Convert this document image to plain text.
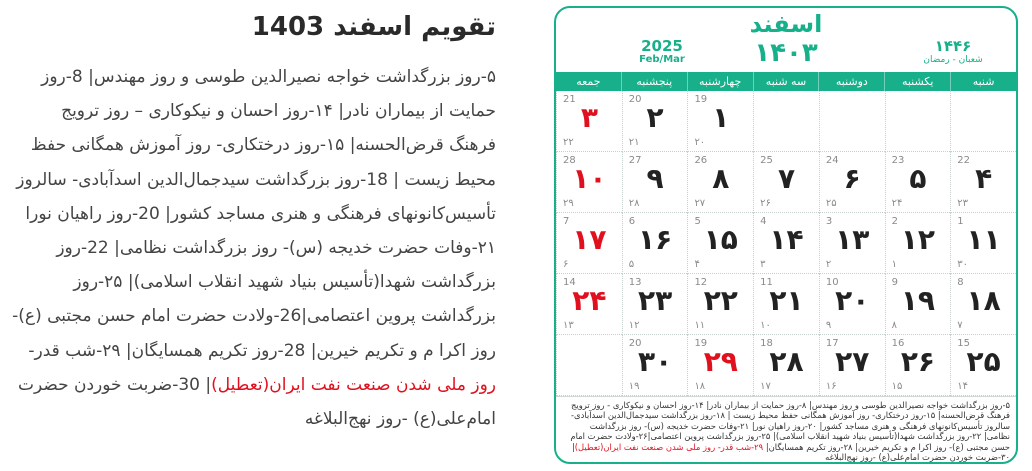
تقویم اسفند 1403

۵-روز بزرگداشت خواجه نصیرالدین طوسی و روز مهندس| 8-روز حمایت از بیماران نادر| ۱۴-روز احسان و نیکوکاری – روز ترویج فرهنگ قرض‌الحسنه| ۱۵-روز درختکاری- روز آموزش همگانی حفظ محیط زیست | 18-روز بزرگداشت سیدجمال‌الدین اسدآبادی- سالروز تأسیس‌کانونهای فرهنگی و هنری مساجد کشور| 20-روز راهیان نورا ۲۱-وفات حضرت خدیجه (س)- روز بزرگداشت نظامی| 22-روز بزرگداشت شهدا(تأسیس بنیاد شهید انقلاب اسلامی)| ۲۵-روز بزرگداشت پروین اعتصامی|26-ولادت حضرت امام حسن مجتبی (ع)- روز اکرا م و تکریم خیرین| 28-روز تکریم همسایگان| ۲۹-شب قدر- روز ملی شدن صنعت نفت ایران(تعطیل)| 30-ضربت خوردن حضرت امام‌علی(ع) -روز نهج‌البلاغه

اسفند
۱۴۰۳	۱۴۴۶
شعبان - رمضان
2025
Feb/Mar
شنبه
یکشنبه
دوشنبه
سه شنبه
چهارشنبه
پنجشنبه
جمعه
19
۱
۲۰
20
۲
۲۱
21
۳
۲۲
22
۴
۲۳
23
۵
۲۴
24
۶
۲۵
25
۷
۲۶
26
۸
۲۷
27
۹
۲۸
28
۱۰
۲۹
1
۱۱
۳۰
2
۱۲
۱
3
۱۳
۲
4
۱۴
۳
5
۱۵
۴
6
۱۶
۵
7
۱۷
۶
8
۱۸
۷
9
۱۹
۸
10
۲۰
۹
11
۲۱
۱۰
12
۲۲
۱۱
13
۲۳
۱۲
14
۲۴
۱۳
15
۲۵
۱۴
16
۲۶
۱۵
17
۲۷
۱۶
18
۲۸
۱۷
19
۲۹
۱۸
20
۳۰
۱۹
۵-روز بزرگداشت خواجه نصیرالدین طوسی و روز مهندس| ۸-روز حمایت از بیماران نادر| ۱۴-روز احسان و نیکوکاری - روز ترویج فرهنگ قرض‌الحسنه| ۱۵-روز درختکاری- روز آموزش همگانی حفظ محیط زیست | ۱۸-روز بزرگداشت سیدجمال‌الدین اسدآبادی- سالروز تأسیس‌کانونهای فرهنگی و هنری مساجد کشور| ۲۰-روز راهیان نور| ۲۱-وفات حضرت خدیجه (س)- روز بزرگداشت نظامی| ۲۲-روز بزرگداشت شهدا(تأسیس بنیاد شهید انقلاب اسلامی)| ۲۵-روز بزرگداشت پروین اعتصامی|۲۶-ولادت حضرت امام حسن مجتبی (ع)- روز اکرا م و تکریم خیرین| ۲۸-روز تکریم همسایگان| ۲۹-شب قدر- روز ملی شدن صنعت نفت ایران(تعطیل)| ۳۰-ضربت خوردن حضرت امام‌علی(ع) -روز نهج‌البلاغه
